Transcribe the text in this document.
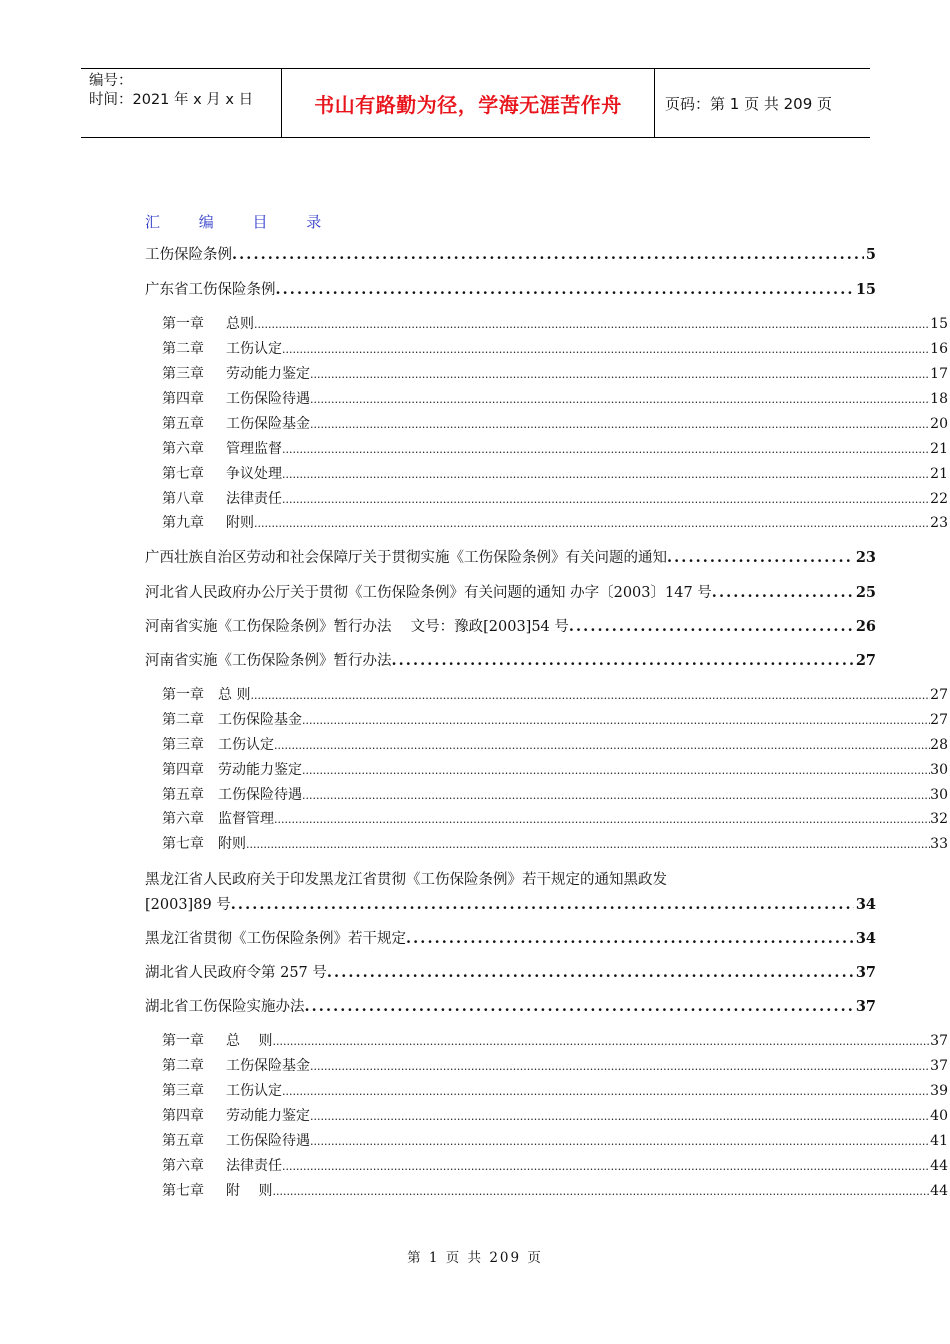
编号：
时间：2021 年 x 月 x 日	书山有路勤为径，学海无涯苦作舟	页码：第 1 页 共 209 页
汇 编 目 录
工伤保险条例 .....	5
广东省工伤保险条例 .....	15
第一章 总则 .....	15
第二章 工伤认定 .....	16
第三章 劳动能力鉴定 .....	17
第四章 工伤保险待遇 .....	18
第五章 工伤保险基金 .....	20
第六章 管理监督 .....	21
第七章 争议处理 .....	21
第八章 法律责任 .....	22
第九章 附则 .....	23
广西壮族自治区劳动和社会保障厅关于贯彻实施《工伤保险条例》有关问题的通知 .....	23
河北省人民政府办公厅关于贯彻《工伤保险条例》有关问题的通知 办字〔2003〕147 号 .....	25
河南省实施《工伤保险条例》暂行办法　 文号：豫政[2003]54 号 .....	26
河南省实施《工伤保险条例》暂行办法 .....	27
第一章 总 则 .....	27
第二章 工伤保险基金 .....	27
第三章 工伤认定 .....	28
第四章 劳动能力鉴定 .....	30
第五章 工伤保险待遇 .....	30
第六章 监督管理 .....	32
第七章 附则 .....	33
黑龙江省人民政府关于印发黑龙江省贯彻《工伤保险条例》若干规定的通知黑政发
[2003]89 号 .....	34
黑龙江省贯彻《工伤保险条例》若干规定 .....	34
湖北省人民政府令第 257 号 .....	37
湖北省工伤保险实施办法 .....	37
第一章 总　 则 .....	37
第二章 工伤保险基金 .....	37
第三章 工伤认定 .....	39
第四章 劳动能力鉴定 .....	40
第五章 工伤保险待遇 .....	41
第六章 法律责任 .....	44
第七章 附　 则 .....	44
第 1 页 共 209 页
